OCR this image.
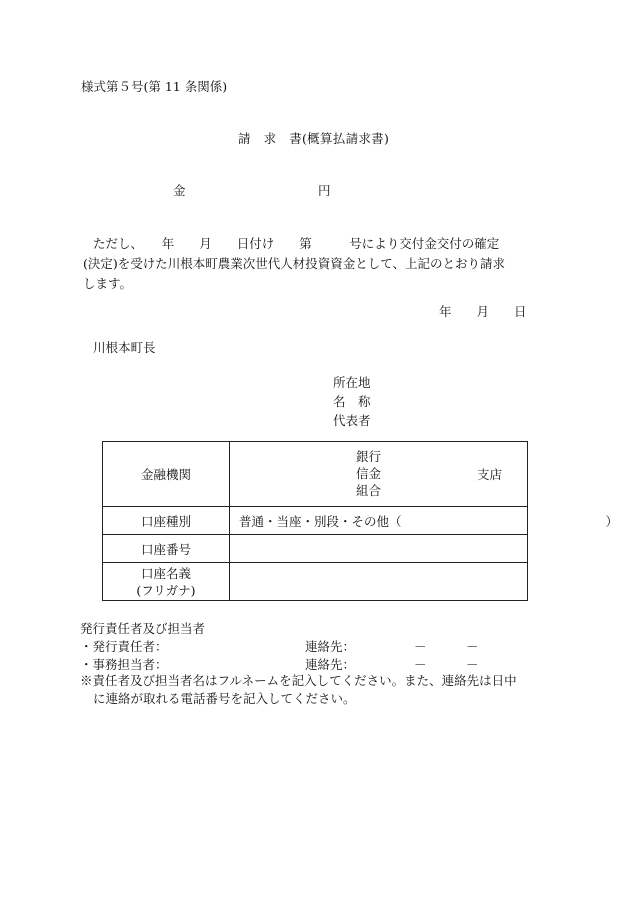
様式第５号(第 11 条関係)
請　求　書(概算払請求書)
金	円
ただし、　　年　　月　　日付け　　第　　　号により交付金交付の確定
(決定)を受けた川根本町農業次世代人材投資資金として、上記のとおり請求
します。
年　　月　　日
川根本町長
所在地
名　称
代表者
金融機関	銀行
信金
組合
支店

口座種別	普通・当座・別段・その他（ ）

口座番号	

口座名義
(フリガナ)	

発行責任者及び担当者
・発行責任者：	連絡先：	－	－
・事務担当者：	連絡先：	－	－
※責任者及び担当者名はフルネームを記入してください。また、連絡先は日中
に連絡が取れる電話番号を記入してください。
